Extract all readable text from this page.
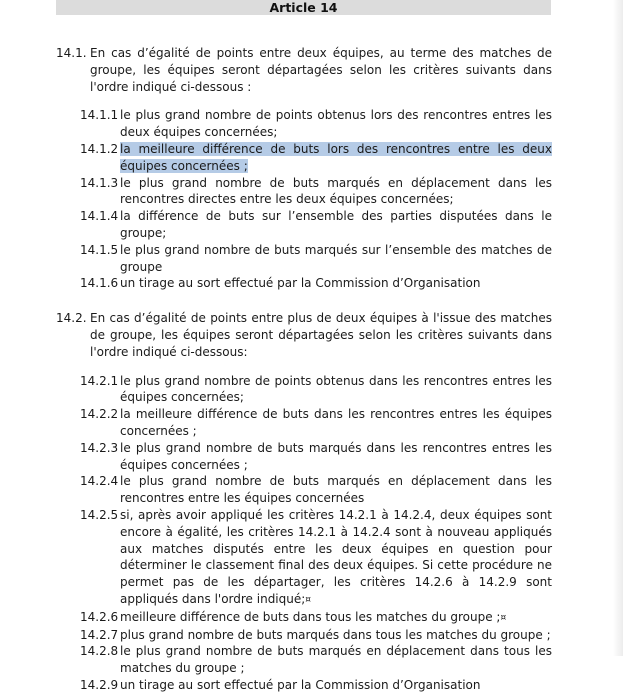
Article 14

14.1. En cas d’égalité de points entre deux équipes, au terme des matches de groupe, les équipes seront départagées selon les critères suivants dans l'ordre indiqué ci-dessous :

14.1.1 le plus grand nombre de points obtenus lors des rencontres entres les deux équipes concernées;

14.1.2 la meilleure différence de buts lors des rencontres entre les deux équipes concernées ;

14.1.3 le plus grand nombre de buts marqués en déplacement dans les rencontres directes entre les deux équipes concernées;

14.1.4 la différence de buts sur l’ensemble des parties disputées dans le groupe;

14.1.5 le plus grand nombre de buts marqués sur l’ensemble des matches de groupe

14.1.6 un tirage au sort effectué par la Commission d’Organisation

14.2. En cas d’égalité de points entre plus de deux équipes à l'issue des matches de groupe, les équipes seront départagées selon les critères suivants dans l'ordre indiqué ci-dessous:

14.2.1 le plus grand nombre de points obtenus dans les rencontres entres les équipes concernées;

14.2.2 la meilleure différence de buts dans les rencontres entres les équipes concernées ;

14.2.3 le plus grand nombre de buts marqués dans les rencontres entres les équipes concernées ;

14.2.4 le plus grand nombre de buts marqués en déplacement dans les rencontres entre les équipes concernées

14.2.5 si, après avoir appliqué les critères 14.2.1 à 14.2.4, deux équipes sont encore à égalité, les critères 14.2.1 à 14.2.4 sont à nouveau appliqués aux matches disputés entre les deux équipes en question pour déterminer le classement final des deux équipes. Si cette procédure ne permet pas de les départager, les critères 14.2.6 à 14.2.9 sont appliqués dans l'ordre indiqué;¤

14.2.6 meilleure différence de buts dans tous les matches du groupe ;¤

14.2.7 plus grand nombre de buts marqués dans tous les matches du groupe ;

14.2.8 le plus grand nombre de buts marqués en déplacement dans tous les matches du groupe ;

14.2.9 un tirage au sort effectué par la Commission d’Organisation
